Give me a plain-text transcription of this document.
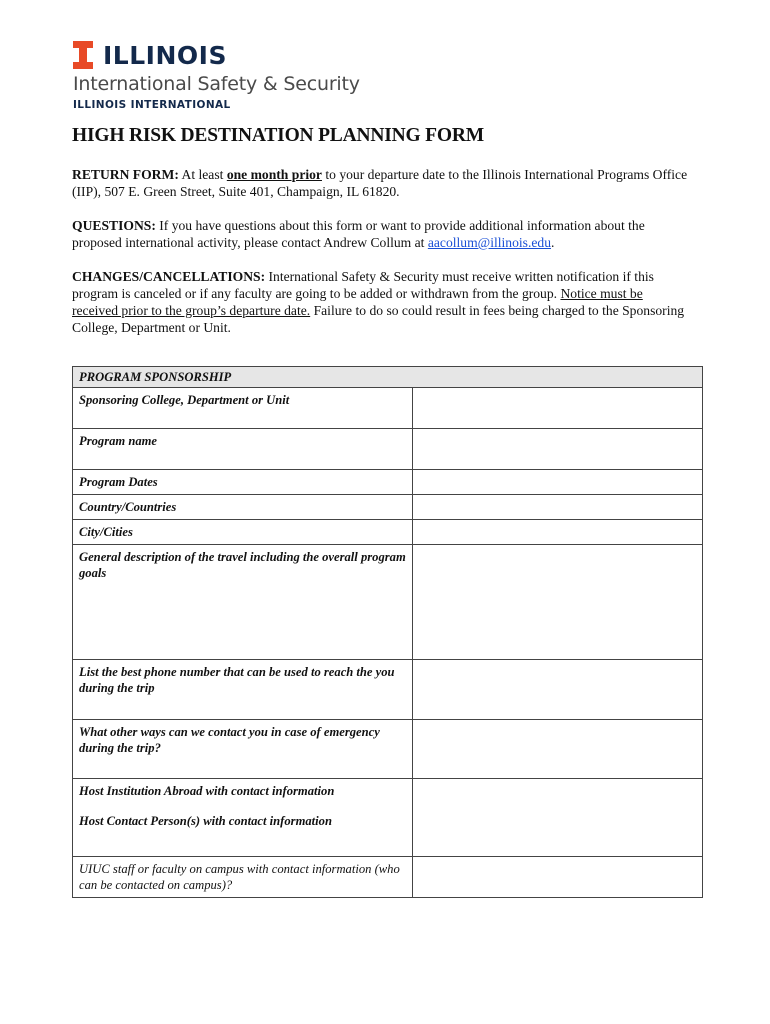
ILLINOIS
International Safety & Security
ILLINOIS INTERNATIONAL
HIGH RISK DESTINATION PLANNING FORM
RETURN FORM: At least one month prior to your departure date to the Illinois International Programs Office (IIP), 507 E. Green Street, Suite 401, Champaign, IL 61820.
QUESTIONS: If you have questions about this form or want to provide additional information about the proposed international activity, please contact Andrew Collum at aacollum@illinois.edu.
CHANGES/CANCELLATIONS: International Safety & Security must receive written notification if this program is canceled or if any faculty are going to be added or withdrawn from the group. Notice must be received prior to the group’s departure date. Failure to do so could result in fees being charged to the Sponsoring College, Department or Unit.
PROGRAM SPONSORSHIP	
Sponsoring College, Department or Unit	
Program name	
Program Dates	
Country/Countries	
City/Cities	
General description of the travel including the overall program goals	
List the best phone number that can be used to reach the you during the trip	
What other ways can we contact you in case of emergency during the trip?	

Host Institution Abroad with contact information
Host Contact Person(s) with contact information	

UIUC staff or faculty on campus with contact information (who can be contacted on campus)?	
